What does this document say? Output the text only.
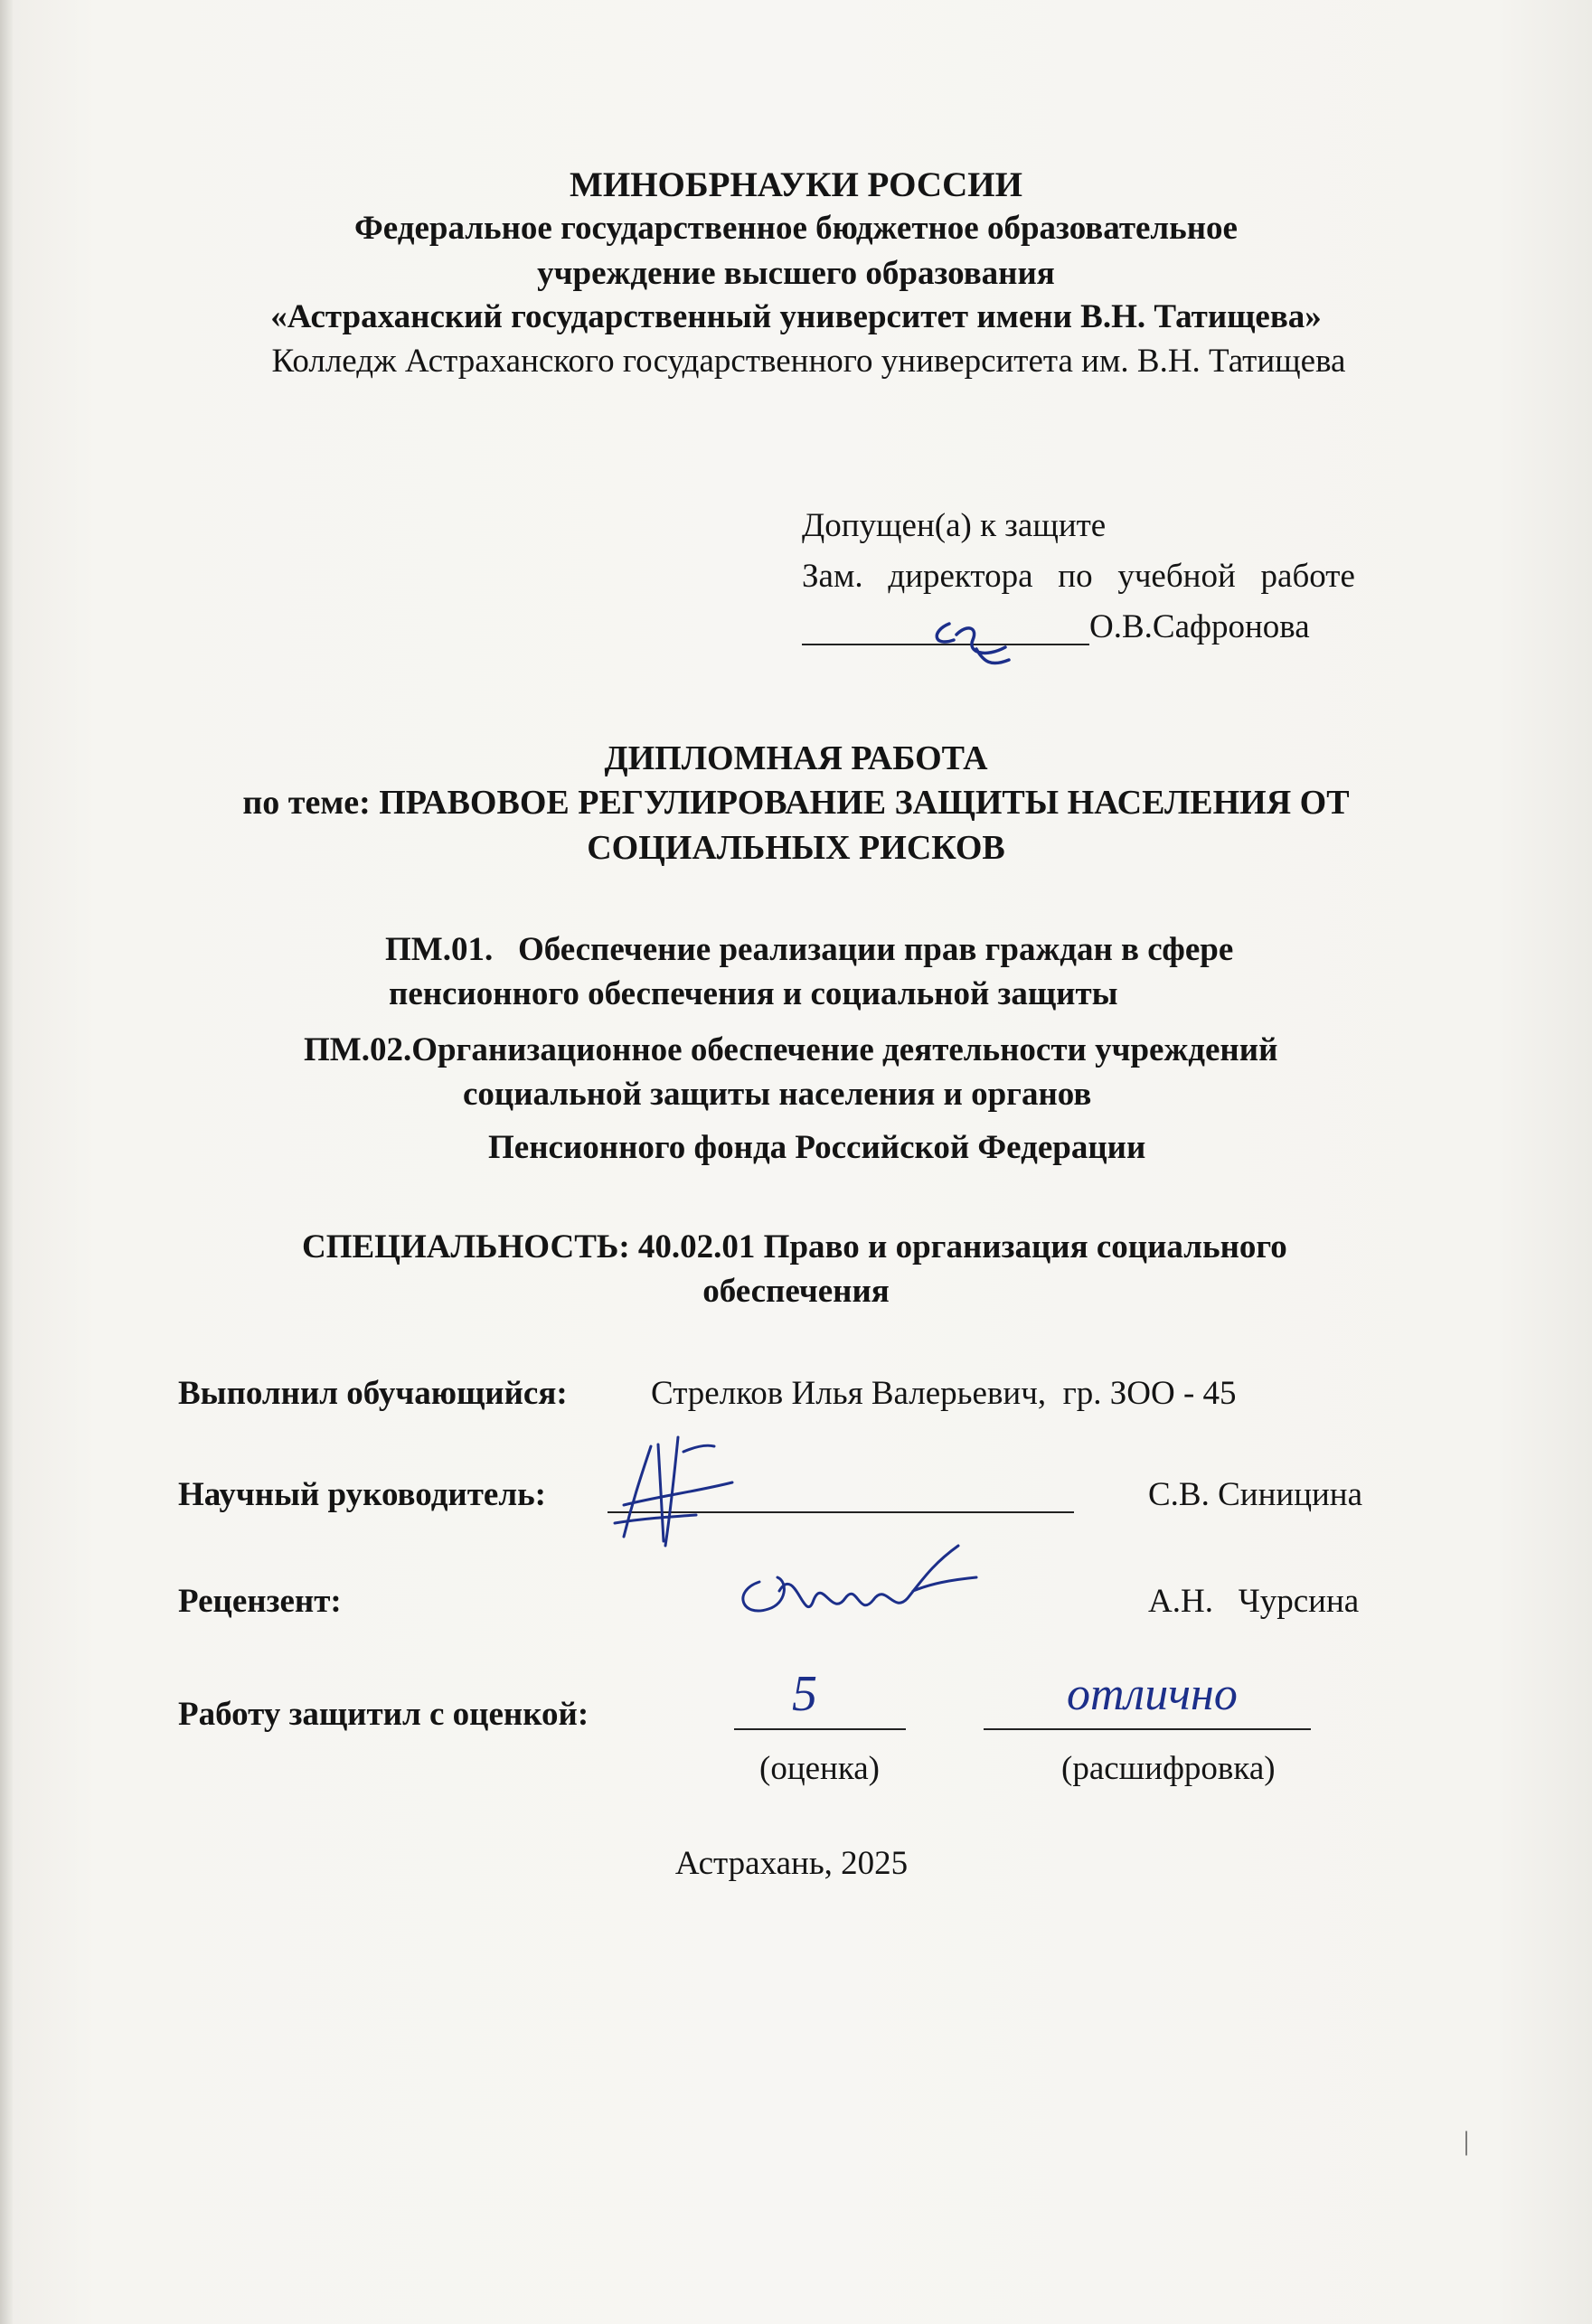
МИНОБРНАУКИ РОССИИ
Федеральное государственное бюджетное образовательное
учреждение высшего образования
«Астраханский государственный университет имени В.Н. Татищева»
Колледж Астраханского государственного университета им. В.Н. Татищева
Допущен(а) к защите
Зам.   директора   по   учебной   работе
О.В.Сафронова
ДИПЛОМНАЯ РАБОТА
по теме: ПРАВОВОЕ РЕГУЛИРОВАНИЕ ЗАЩИТЫ НАСЕЛЕНИЯ ОТ
СОЦИАЛЬНЫХ РИСКОВ
ПМ.01.   Обеспечение реализации прав граждан в сфере
пенсионного обеспечения и социальной защиты
ПМ.02.Организационное обеспечение деятельности учреждений
социальной защиты населения и органов
Пенсионного фонда Российской Федерации
СПЕЦИАЛЬНОСТЬ: 40.02.01 Право и организация социального
обеспечения
Выполнил обучающийся: Стрелков Илья Валерьевич,  гр. ЗОО - 45
Научный руководитель:	С.В. Синицина
Рецензент:	А.Н.   Чурсина
Работу защитил с оценкой:	5	отлично
(оценка)	(расшифровка)
Астрахань, 2025
|
